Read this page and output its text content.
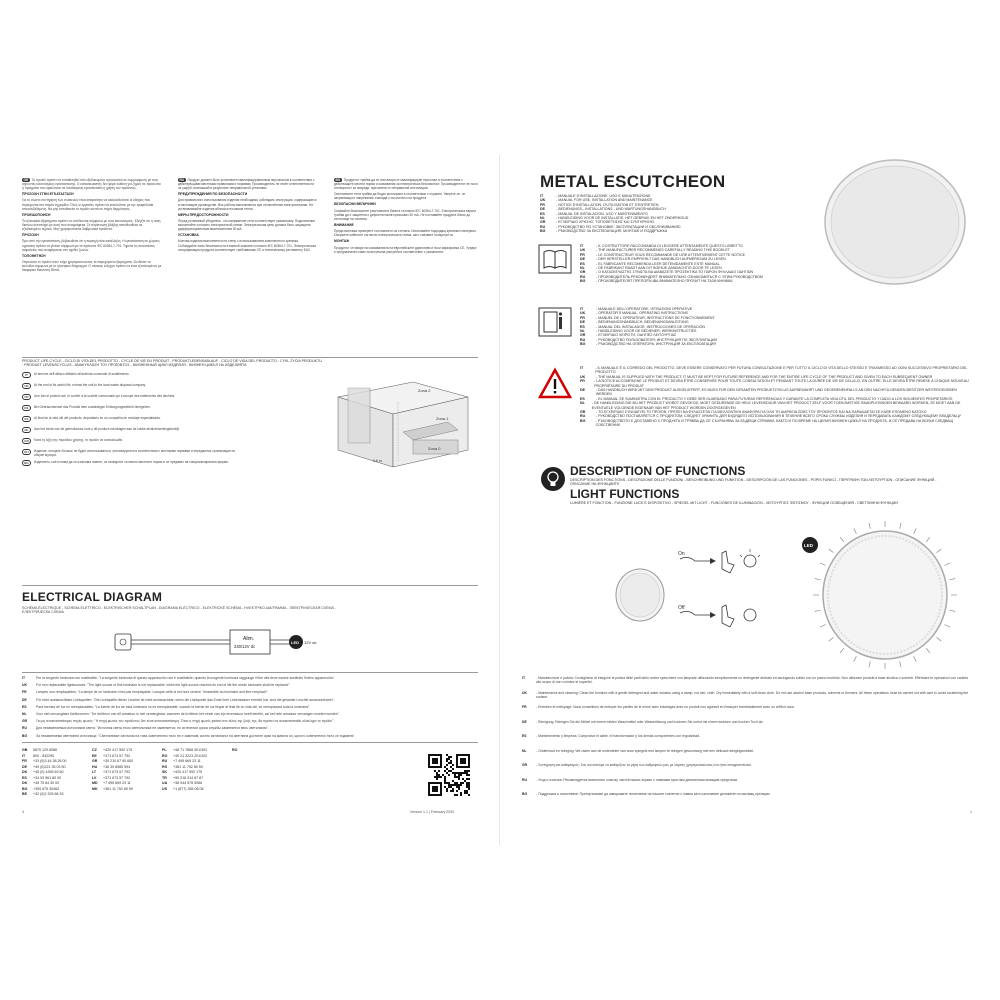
GR Το προϊόν πρέπει να τοποθετηθεί από εξειδικευμένο προσωπικό σε συμμόρφωση με τους ισχύοντες κανονισμούς εγκατάστασης. Ο κατασκευαστής δεν φέρει ευθύνη για ζημιές σε πρόσωπα ή πράγματα που οφείλονται σε λανθασμένη εγκατάσταση ή χρήση του προϊόντος.
ΠΡΟΣΟΧΗ ΣΤΗΝ ΕΓΚΑΤΑΣΤΑΣΗ
Για το σωστό συντήρηση των συσκευών είναι απαραίτητο να ακολουθούνται οι οδηγίες που περιέχονται στο παρόν εγχειρίδιο. Όλες οι εργασίες πρέπει να εκτελούνται με την τροφοδοσία αποσυνδεδεμένη. Να μην τοποθετείτε το προϊόν κοντά σε πηγές θερμότητας.
ΠΡΟΕΙΔΟΠΟΙΗΣΗ
Τα ηλεκτρικά εξαρτήματα πρέπει να συνδέονται σύμφωνα με τους κανονισμούς. Ελέγξτε ότι η τάση δικτύου αντιστοιχεί με αυτή που αναγράφεται. Σε περίπτωση βλάβης απευθυνθείτε σε εξειδικευμένο τεχνικό. Μην χρησιμοποιείτε διαβρωτικά προϊόντα.
ΠΡΟΣΟΧΗ
Πριν από την εγκατάσταση, βεβαιωθείτε ότι η περιοχή είναι κατάλληλη. Η εγκατάσταση σε χώρους υγρασίας πρέπει να γίνεται σύμφωνα με τα πρότυπα IEC 60364-7-701. Τηρείτε τις αποστάσεις ασφαλείας που αναφέρονται στο σχέδιο ζωνών.
ΤΟΠΟΘΕΤΗΣΗ
Στερεώστε το προϊόν στον τοίχο χρησιμοποιώντας τα παρεχόμενα εξαρτήματα. Συνδέστε τα καλώδια σύμφωνα με το ηλεκτρικό διάγραμμα. Ο πίνακας ελέγχου πρέπει να είναι εξοπλισμένος με διαφορικό διακόπτη 30mA.
RU Продукт должен быть установлен квалифицированным персоналом в соответствии с действующими местными правилами и нормами. Производитель не несёт ответственности за ущерб, возникший в результате неправильной установки.
ПРЕДУПРЕЖДЕНИЯ ПО БЕЗОПАСНОСТИ
Для правильного использования изделия необходимо соблюдать инструкции, содержащиеся в настоящем руководстве. Все работы выполняются при отключённом электропитании. Не устанавливайте изделие вблизи источников тепла.
МЕРЫ ПРЕДОСТОРОЖНОСТИ
Перед установкой убедитесь, что напряжение сети соответствует указанному. Подключение выполняйте согласно электрической схеме. Электрическая цепь должна быть защищена дифференциальным выключателем 30 мА.
УСТАНОВКА
Монтаж изделия выполняется на стену с использованием комплектного крепежа. Соблюдайте зоны безопасности в ванной комнате согласно IEC 60364-7-701. Электрическая спецификация продукта соответствует требованиям CE и техническому регламенту ЕАС.
BG Продуктът трябва да се инсталира от квалифициран персонал в съответствие с действащите местни норми и изисквания за електрическа безопасност. Производителят не носи отговорност за повреди, причинени от неправилна инсталация.
Светлинните тела трябва да бъдат монтирани в съответствие с нормите. Уверете се, че захранващото напрежение съвпада с посоченото на продукта.
БЕЗОПАСНИ ВЕЛИЧИНИ
Спазвайте безопасните разстояния в банята съгласно IEC 60364-7-701. Електрическата верига трябва да е защитена с дефектнотоков прекъсвач 30 mA. Не поставяйте продукта близо до източници на топлина.
ВНИМАНИЕ
Преди монтажа проверете състоянието на стената. Използвайте подходящ крепежен материал. Свържете кабелите съгласно електрическата схема, като спазвате полярността.
МОНТАЖ
Продуктът отговаря на изискванията на европейските директиви и носи маркировка CE. Уредът е предназначен само за вътрешна употреба в съответствие с указанията.
PRODUCT LIFE-CYCLE - CICLO DI VITA DEL PRODOTTO - CYCLE DE VIE DU PRODUIT - PRODUKTLEBENSABLAUF - CICLO DE VIDA DEL PRODUCTO - CYKL ŻYCIA PRODUKTU - PRODUKT LEVENSCYCLUS - ΑΝΑΚΥΚΛΩΣΗ ΤΟΥ ΠΡΟΪΟΝΤΟΣ - ЖИЗНЕННЫЙ ЦИКЛ ИЗДЕЛИЯ - ЖИЗНЕН ЦИКЪЛ НА ИЗДЕЛИЯТА
IT	Al termine dell'utilizzo affidarlo all'azienda comunale di smaltimento.
UK	At the end of its useful life, entrust the unit to the local waste disposal company.
FR	Une fois le produit usé, le confier à la société communale qui s'occupe des traitements des déchets.
DE	Bei Gebrauchsende das Produkt dem zuständigen Entsorgungsbetrieb übergeben.
ES	Al final de la vida útil del producto, depositarlo en un compañía de reciclaje especializada.
NL	Aan het einde van de gebruiksduur kunt u dit product overdragen aan de lokale afvalverwerkingsbedrijf.
GR	Κατά τη λήξη της περιόδου χρήσης, το προϊόν να ανακυκλωθεί.
RU	Изделие, которые больше не будет использоваться, утилизируются в соответствии с местными нормами и передаются организации по сборке мусора.
BG	Изделието, което няма да се използва повече, се изхвърлят съгласно местните норми и се предават на специализираната фирма.
Zona 2
Zona 1
Zona 0
0.6 m
ELECTRICAL DIAGRAM
SCHÉMA ÉLECTRIQUE - SCHEMA ELETTRICO - ELEKTRISCHER SCHALTPLAN - DIAGRAMA ELÉCTRICO - ELEKTRICKÉ SCHÉMA - ΗΛΕΚΤΡΙΚΟ ΔΙΑΓΡΑΜΜΑ - ЭЛЕКТРИЧЕСКАЯ СХЕМА - ЕЛЕКТРИЧЕСКА СХЕМА
Alim.
230/12V dc
LED 12V dc
IT	Per la sorgente luminosa non sostituibile: "La sorgente luminosa di questo apparecchio non è sostituibile; quando la sorgente luminosa raggiunge il fine vita deve essere sostituito l'intero apparecchio".
UK	For non replaceable lightsources: "The light source of this luminaire is not replaceable; when the light source reaches its end of life the whole luminaire shall be replaced".
FR	Lampes non remplaçables: "La lampe de ce luminaire n'est pas remplaçable. Lorsque celle-ci est hors service, l'ensemble du luminaire doit être remplacé".
DE	Für nicht austauschbare Lichtquellen: "Die Lichtquelle dieser Leuchte ist nicht austauschbar; wenn die Lichtquelle das Ende ihrer Lebensdauer erreicht hat, sind die gesamte Leuchte auszuwechseln".
ES	Para fuentes de luz no reemplazables: "La fuente de luz de esta luminaria no es reemplazable; cuando la fuente de luz llegue al final de su vida útil, se reemplazará toda la luminaria".
NL	Voor niet-vervangbare lichtbronnen: "De lichtbron van dit armatuur is niet vervangbaar; wanneer de lichtbron het einde van zijn levensduur heeft bereikt, zal het hele armatuur vervangen moeten worden".
GR	Για μη αντικαταστάσιμες πηγές φωτός: "Η πηγή φωτός του προϊόντος δεν είναι αντικαταστάσιμη. Όταν η πηγή φωτός φτάσει στο τέλος της ζωής της, θα πρέπει να αντικατασταθεί ολόκληρο το προϊόν".
RU	Для незаменяемых источников света: "Источник света этого светильника не заменяется; по истечении срока службы заменяется весь светильник".
BG	За незаменяеми светлинни източници: "Светлинният източник на това осветително тяло не е заменим; когато източникът на светлина достигне края на живота си, цялото осветително тяло се подменя".
GB 0870 129 6086	CZ +420 417 592 175	PL +48 71 7868 301/302	RO
IT 800 - 832290	EE +371 673 57 792	RO +40 21 3223 201/202
FR +33 (0)3 44 38 26 00	GR +30 210 67 90 600	RU +7 495 669 23 11
DE +49 (0)221 35 03 50	HU +36 30 8985 594	RS +381 11 752 80 59
DK +45 (0) 4355 63 50	LT +371 673 57 792	SK +420 417 592 175
ES +34 93 561 80 00	LV +371 673 57 792	TR +90 216 314 87 87
DK +45 75 84 30 00	MD +7 495 669 23 11	UA +38 044 575 3066
BG +359 675 30462	MK +381 11 752 80 59	US +1 (877) 355 08 08
BE +32 (0)2 325 66 33
4	Version 1.1 | February 2020
METAL ESCUTCHEON
IT	- MANUALE D'INSTALLAZIONE, USO E MANUTENZIONE
UK	- MANUAL FOR USE, INSTALLATION AND MAINTENANCE
FR	- NOTICE D'INSTALLATION, D'UTILISATION ET D'ENTRETIEN
DE	- BEDIENUNGS-, INSTALLATIONS - UND WARTUNGSHANDBUCH
ES	- MANUAL DE INSTALACIÓN, USO Y MANTENIMIENTO
NL	- HANDLEIDING VOOR DE INSTALLATIE, HET GEBRUIK EN HET ONDERHOUD
GR	- ΕΓΧΕΙΡΙΔΙΟ ΧΡΗΣΗΣ, ΤΟΠΟΘΕΤΗΣΗΣ ΚΑΙ ΣΥΝΤΗΡΗΣΗΣ
RU	- РУКОВОДСТВО ПО УСТАНОВКЕ, ЭКСПЛУАТАЦИИ И ОБСЛУЖИВАНИЮ
BG	- РЪКОВОДСТВО ЗА ЕКСПЛОАТАЦИЯ, МОНТАЖ И ПОДДРЪЖКА
IT	- IL COSTRUTTORE RACCOMANDA DI LEGGERE ATTENTAMENTE QUESTO LIBRETTO
UK	- THE MANUFACTURER RECOMMENDS CAREFULLY READING THIS BOOKLET
FR	- LE CONSTRUCTEUR VOUS RECOMMANDE DE LIRE ATTENTIVEMENT CETTE NOTICE
DE	- DER HERSTELLER EMPFIEHLT DAS HANDBUCH AUFMERKSAM ZU LESEN
ES	- EL FABRICANTE RECOMIENDA LEER DETENIDAMENTE ESTE MANUAL
NL	- DE FABRIKANT RAADT AAN DIT BOEKJE AANDACHTIG DOOR TE LEZEN
GR	- Ο ΚΑΤΑΣΚΕΥΑΣΤΗΣ ΣΥΝΙΣΤΑ ΝΑ ΔΙΑΒΑΣΕΤΕ ΠΡΟΣΕΚΤΙΚΑ ΤΟ ΠΑΡΟΝ ΦΥΛΛΑΔΙΟ ΟΔΗΓΙΩΝ
RU	- ПРОИЗВОДИТЕЛЬ РЕКОМЕНДУЕТ ВНИМАТЕЛЬНО ОЗНАКОМИТЬСЯ С ЭТИМ РУКОВОДСТВОМ
BG	- ПРОИЗВОДИТЕЛЯТ ПРЕПОРЪЧВА ВНИМАТЕЛНО ПРОЧИТ НА ТАЗИ КНИЖКА
IT	- MANUALE DELL'OPERATORE, ISTRUZIONI OPERATIVE
UK	- OPERATOR'S MANUAL, OPERATING INSTRUCTIONS
FR	- MANUEL DE L'OPERATEUR, INSTRUCTIONS DE FONCTIONNEMENT
DE	- BEDIENUNGSHANDBUCH, BEDIENUNGSANLEITUNG
ES	- MANUAL DEL INSTALADOR, INSTRUCCIONES DE OPERACIÓN
NL	- HANDLEIDING VOOR DE BEDIENER; WERKINSTRUCTIES
GR	- ΕΓΧΕΙΡΙΔΙΟ ΧΕΙΡΙΣΤΗ, ΟΔΗΓΙΕΣ ΛΕΙΤΟΥΡΓΙΑΣ
RU	- РУКОВОДСТВО ПОЛЬЗОВАТЕЛЯ; ИНСТРУКЦИЯ ПО ЭКСПЛУАТАЦИИ
BG	- РЪКОВОДСТВО НА ОПЕРАТОРА; ИНСТРУКЦИЯ ЗА ЕКСПЛОАТАЦИЯ
IT	- IL MANUALE È IL CORREDO DEL PRODOTTO, DEVE ESSERE CONSERVATO PER FUTURA CONSULTAZIONE E PER TUTTO IL CICLO DI VITA DELLO STESSO E TRASMESSO AD OGNI SUCCESSIVO PROPRIETARIO DEL PRODOTTO
UK	- THE MANUAL IS SUPPLIED WITH THE PRODUCT; IT MUST BE KEPT FOR FUTURE REFERENCE AND FOR THE ENTIRE LIFE CYCLE OF THE PRODUCT AND GIVEN TO EACH SUBSEQUENT OWNER
FR	- LA NOTICE ACCOMPAGNE LE PRODUIT ET DEVRA ÊTRE CONSERVÉE POUR TOUTE CONSULTATION ET PENDANT TOUTE LA DURÉE DE VIE DE CELUI-CI, EN OUTRE, ELLE DEVRA ÊTRE REMISE À CHAQUE NOUVEAU PROPRIÉTAIRE DU PRODUIT
DE	- DAS HANDBUCH WIRD MIT DEM PRODUKT AUSGELIEFERT; ES MUSS FÜR DEN GESAMTEN PRODUKTZYKLUS AUFBEWAHRT UND GEGEBENENFALLS AN DEN NACHFOLGENDEN BESITZER WEITERGEGEBEN WERDEN
ES	- EL MANUAL SE SUMINISTRA CON EL PRODUCTO Y DEBE SER GUARDADO PARA FUTURAS REFERENCIAS Y DURANTE LA COMPLETA VIDA ÚTIL DEL PRODUCTO Y DADO A LOS SIGUIENTES PROPIETARIOS
NL	- DE HANDLEIDING DIE BIJ HET PRODUCT WORDT GEVOEGD, MOET GEDURENDE DE HELE LEVENSDUUR VAN HET PRODUCT ZELF VOOR TOEKOMSTIGE RAADPLEGINGEN BEWAARD WORDEN, ZE MOET AAN DE EVENTUELE VOLGENDE EIGENAAR VAN HET PRODUCT WORDEN DOORGEGEVEN
GR	- ΤΟ ΕΓΧΕΙΡΙΔΙΟ ΣΥΝΟΔΕΥΕΙ ΤΟ ΠΡΟΪΟΝ. ΠΡΕΠΕΙ ΝΑ ΦΥΛΑΣΣΕΤΑΙ ΓΙΑ ΜΕΛΛΟΝΤΙΚΗ ΑΝΑΦΟΡΑ ΓΙΑ ΟΛΗ ΤΗ ΔΙΑΡΚΕΙΑ ΖΩΗΣ ΤΟΥ ΠΡΟΪΟΝΤΟΣ ΚΑΙ ΝΑ ΠΑΡΑΔΙΔΕΤΑΙ ΣΕ ΚΑΘΕ ΕΠΟΜΕΝΟ ΚΑΤΟΧΟ
RU	- РУКОВОДСТВО ПОСТАВЛЯЕТСЯ С ПРОДУКТОМ; СЛЕДУЕТ ХРАНИТЬ ДЛЯ БУДУЩЕГО ИСПОЛЬЗОВАНИЯ В ТЕЧЕНИЕ ВСЕГО СРОКА СЛУЖБЫ ИЗДЕЛИЯ И ПЕРЕДАВАТЬ КАЖДОМУ СЛЕДУЮЩЕМУ ВЛАДЕЛЬЦУ
BG	- РЪКОВОДСТВОТО Е ДОСТАВЕНО С ПРОДУКТА И ТРЯБВА ДА СЕ СЪХРАНЯВА ЗА БЪДЕЩИ СПРАВКИ, КАКТО И ПО ВРЕМЕ НА ЦЕЛИЯ ЖИЗНЕН ЦИКЪЛ НА ПРОДУКТА, И СЕ ПРЕДАВА НА ВСЕКИ СЛЕДВАЩ СОБСТВЕНИК
DESCRIPTION OF FUNCTIONS
DESCRIPTION DES FONCTIONS - DESCRIZIONE DELLE FUNZIONI - BESCHREIBUNG UND FUNKTION - DESCRIPCIÓN DE LAS FUNCIONES - POPIS FUNKCÍ - ΠΕΡΙΓΡΑΦΗ ΤΩΝ ΛΕΙΤΟΥΡΓΙΩΝ - ОПИСАНИЕ ФУНКЦИЙ - ОПИСАНИЕ НА ФУНКЦИИТЕ
LIGHT FUNCTIONS
LUMIÈRE ET FONCTION - FUNZIONE LUCE E DISPOSITIVO - SPIEGEL MIT LICHT - FUNCIONES DE ILUMINACIÓN - ΛΕΙΤΟΥΡΓΙΕΣ ΦΩΤΙΣΜΟΥ - ФУНКЦИИ ОСВЕЩЕНИЯ - СВЕТЛИННИ ФУНКЦИИ
On
Off
LED
IT	- Manutenzione e pulizia: Consigliamo di eseguire la pulizia delle parti dello nostre specchiere con lampade utilizzando semplicemente un detergente delicato ed asciugando subito con un panno morbido. Non utilizzare prodotti a base alcolica o solventi. Effettuare le operazioni con cautela allo scopo di non rovinare le superfici.
UK	- Maintenance and cleaning: Clean the furniture with a gentle detergent and water solution using a damp, not wet, cloth. Dry immediately with a soft clean cloth. Do not use alcohol base products, solvents or thinners. All these operations must be carried out with care to avoid scratching the surface.
FR	- Entretien et nettoyage: Nous conseillons de nettoyer les parties de le miroir avec éclairages avec un produit non agressif et d'essuyer immédiatement avec un chiffon doux.
DE	- Reinigung: Reinigen Sie die Möbel mit einem milden Waschmittel oder Wasserlösung und trocknen Sie sofort mit einem weichen und trocken Tuch ab.
ES	- Mantenimiento y limpieza: Comprobar el cable, el transformador y los demás componentes con regularidad.
NL	- Onderhoud en reiniging: We raden aan de onderdelen van onze spiegels met lampen te reinigen gewoonweg met een delicaat reinigingsmiddel.
GR	- Συντήρηση και καθαρισμός: Σας συνιστούμε να καθαρίζετε τα μέρη των καθρεφτών μας με λάμπες χρησιμοποιώντας ένα ήπιο απορρυπαντικό.
RU	- Уход и очистка: Рекомендуется выполнять очистку частей наших зеркал с лампами простым деликатным моющим средством.
BG	- Поддръжка и почистване: Препоръчваме да извършвате почистване на нашите тоалетни с лампи като използвате деликатен почистващ препарат.
1
